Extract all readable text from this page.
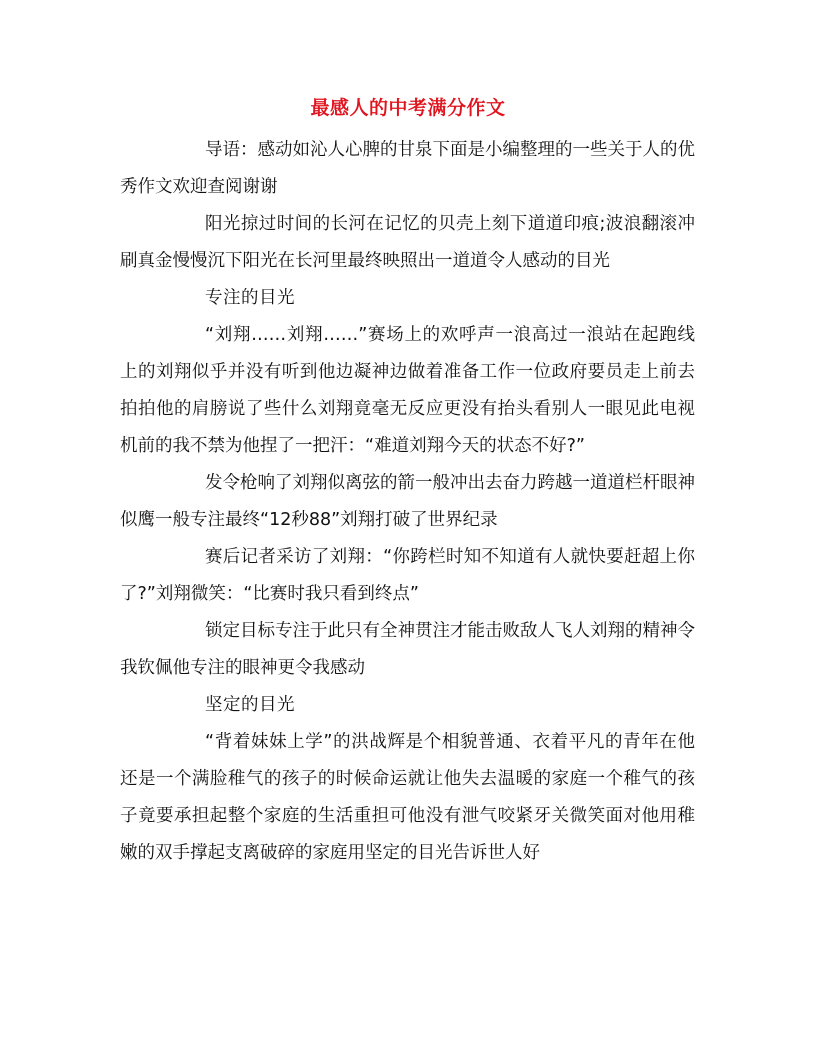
最感人的中考满分作文

导语：感动如沁人心脾的甘泉下面是小编整理的一些关于人的优秀作文欢迎查阅谢谢

阳光掠过时间的长河在记忆的贝壳上刻下道道印痕;波浪翻滚冲刷真金慢慢沉下阳光在长河里最终映照出一道道令人感动的目光

专注的目光

“刘翔……刘翔……”赛场上的欢呼声一浪高过一浪站在起跑线上的刘翔似乎并没有听到他边凝神边做着准备工作一位政府要员走上前去拍拍他的肩膀说了些什么刘翔竟毫无反应更没有抬头看别人一眼见此电视机前的我不禁为他捏了一把汗：“难道刘翔今天的状态不好?”

发令枪响了刘翔似离弦的箭一般冲出去奋力跨越一道道栏杆眼神似鹰一般专注最终“12秒88”刘翔打破了世界纪录

赛后记者采访了刘翔：“你跨栏时知不知道有人就快要赶超上你了?”刘翔微笑：“比赛时我只看到终点”

锁定目标专注于此只有全神贯注才能击败敌人飞人刘翔的精神令我钦佩他专注的眼神更令我感动

坚定的目光

“背着妹妹上学”的洪战辉是个相貌普通、衣着平凡的青年在他还是一个满脸稚气的孩子的时候命运就让他失去温暖的家庭一个稚气的孩子竟要承担起整个家庭的生活重担可他没有泄气咬紧牙关微笑面对他用稚嫩的双手撑起支离破碎的家庭用坚定的目光告诉世人好
